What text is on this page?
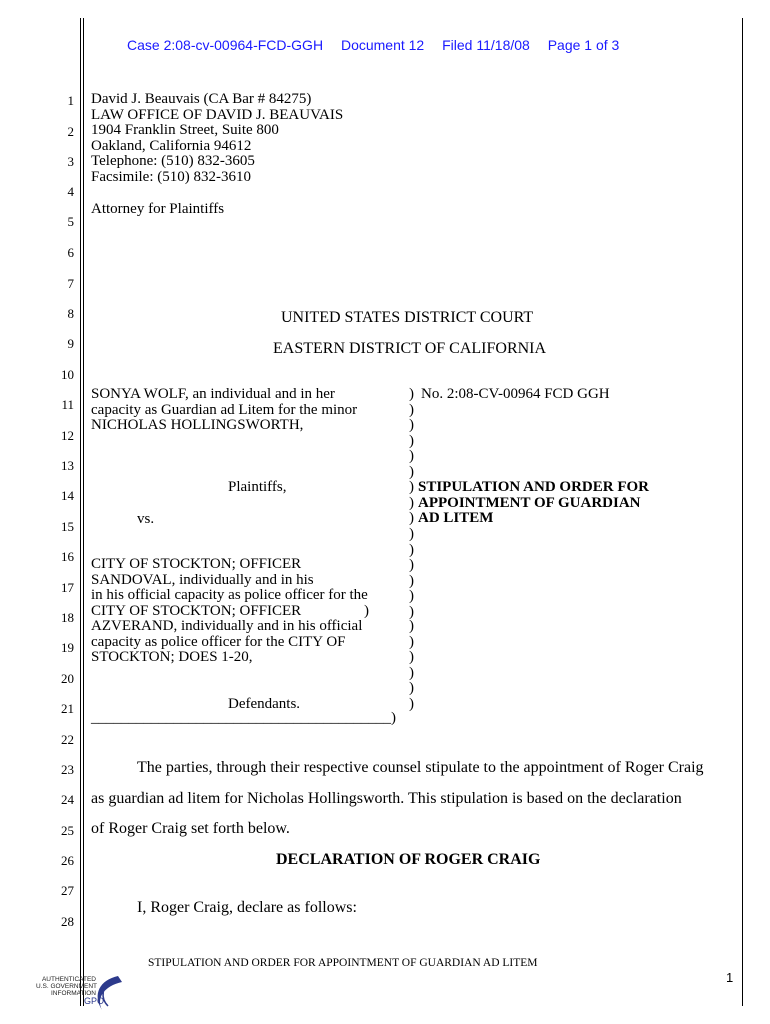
Case 2:08-cv-00964-FCD-GGH Document 12 Filed 11/18/08 Page 1 of 3
1
2
3
4
5
6
7
8
9
10
11
12
13
14
15
16
17
18
19
20
21
22
23
24
25
26
27
28
David J. Beauvais (CA Bar # 84275)
LAW OFFICE OF DAVID J. BEAUVAIS
1904 Franklin Street, Suite 800
Oakland, California 94612
Telephone: (510) 832-3605
Facsimile: (510) 832-3610
Attorney for Plaintiffs
UNITED STATES DISTRICT COURT
EASTERN DISTRICT OF CALIFORNIA
SONYA WOLF, an individual and in her
capacity as Guardian ad Litem for the minor
NICHOLAS HOLLINGSWORTH,
Plaintiffs,
vs.
CITY OF STOCKTON; OFFICER
SANDOVAL, individually and in his
in his official capacity as police officer for the
CITY OF STOCKTON; OFFICER
AZVERAND, individually and in his official
capacity as police officer for the CITY OF
STOCKTON; DOES 1-20,
Defendants.
________________________________________)
)
)
)
)
)
)
)
)
)
)
)
)
)
)
)
)
)
)
)
)
)
)
No. 2:08-CV-00964 FCD GGH
STIPULATION AND ORDER FOR
APPOINTMENT OF GUARDIAN
AD LITEM
The parties, through their respective counsel stipulate to the appointment of Roger Craig
as guardian ad litem for Nicholas Hollingsworth. This stipulation is based on the declaration
of Roger Craig set forth below.
DECLARATION OF ROGER CRAIG
I, Roger Craig, declare as follows:
STIPULATION AND ORDER FOR APPOINTMENT OF GUARDIAN AD LITEM
1
AUTHENTICATED
U.S. GOVERNMENT
INFORMATION
GPO
